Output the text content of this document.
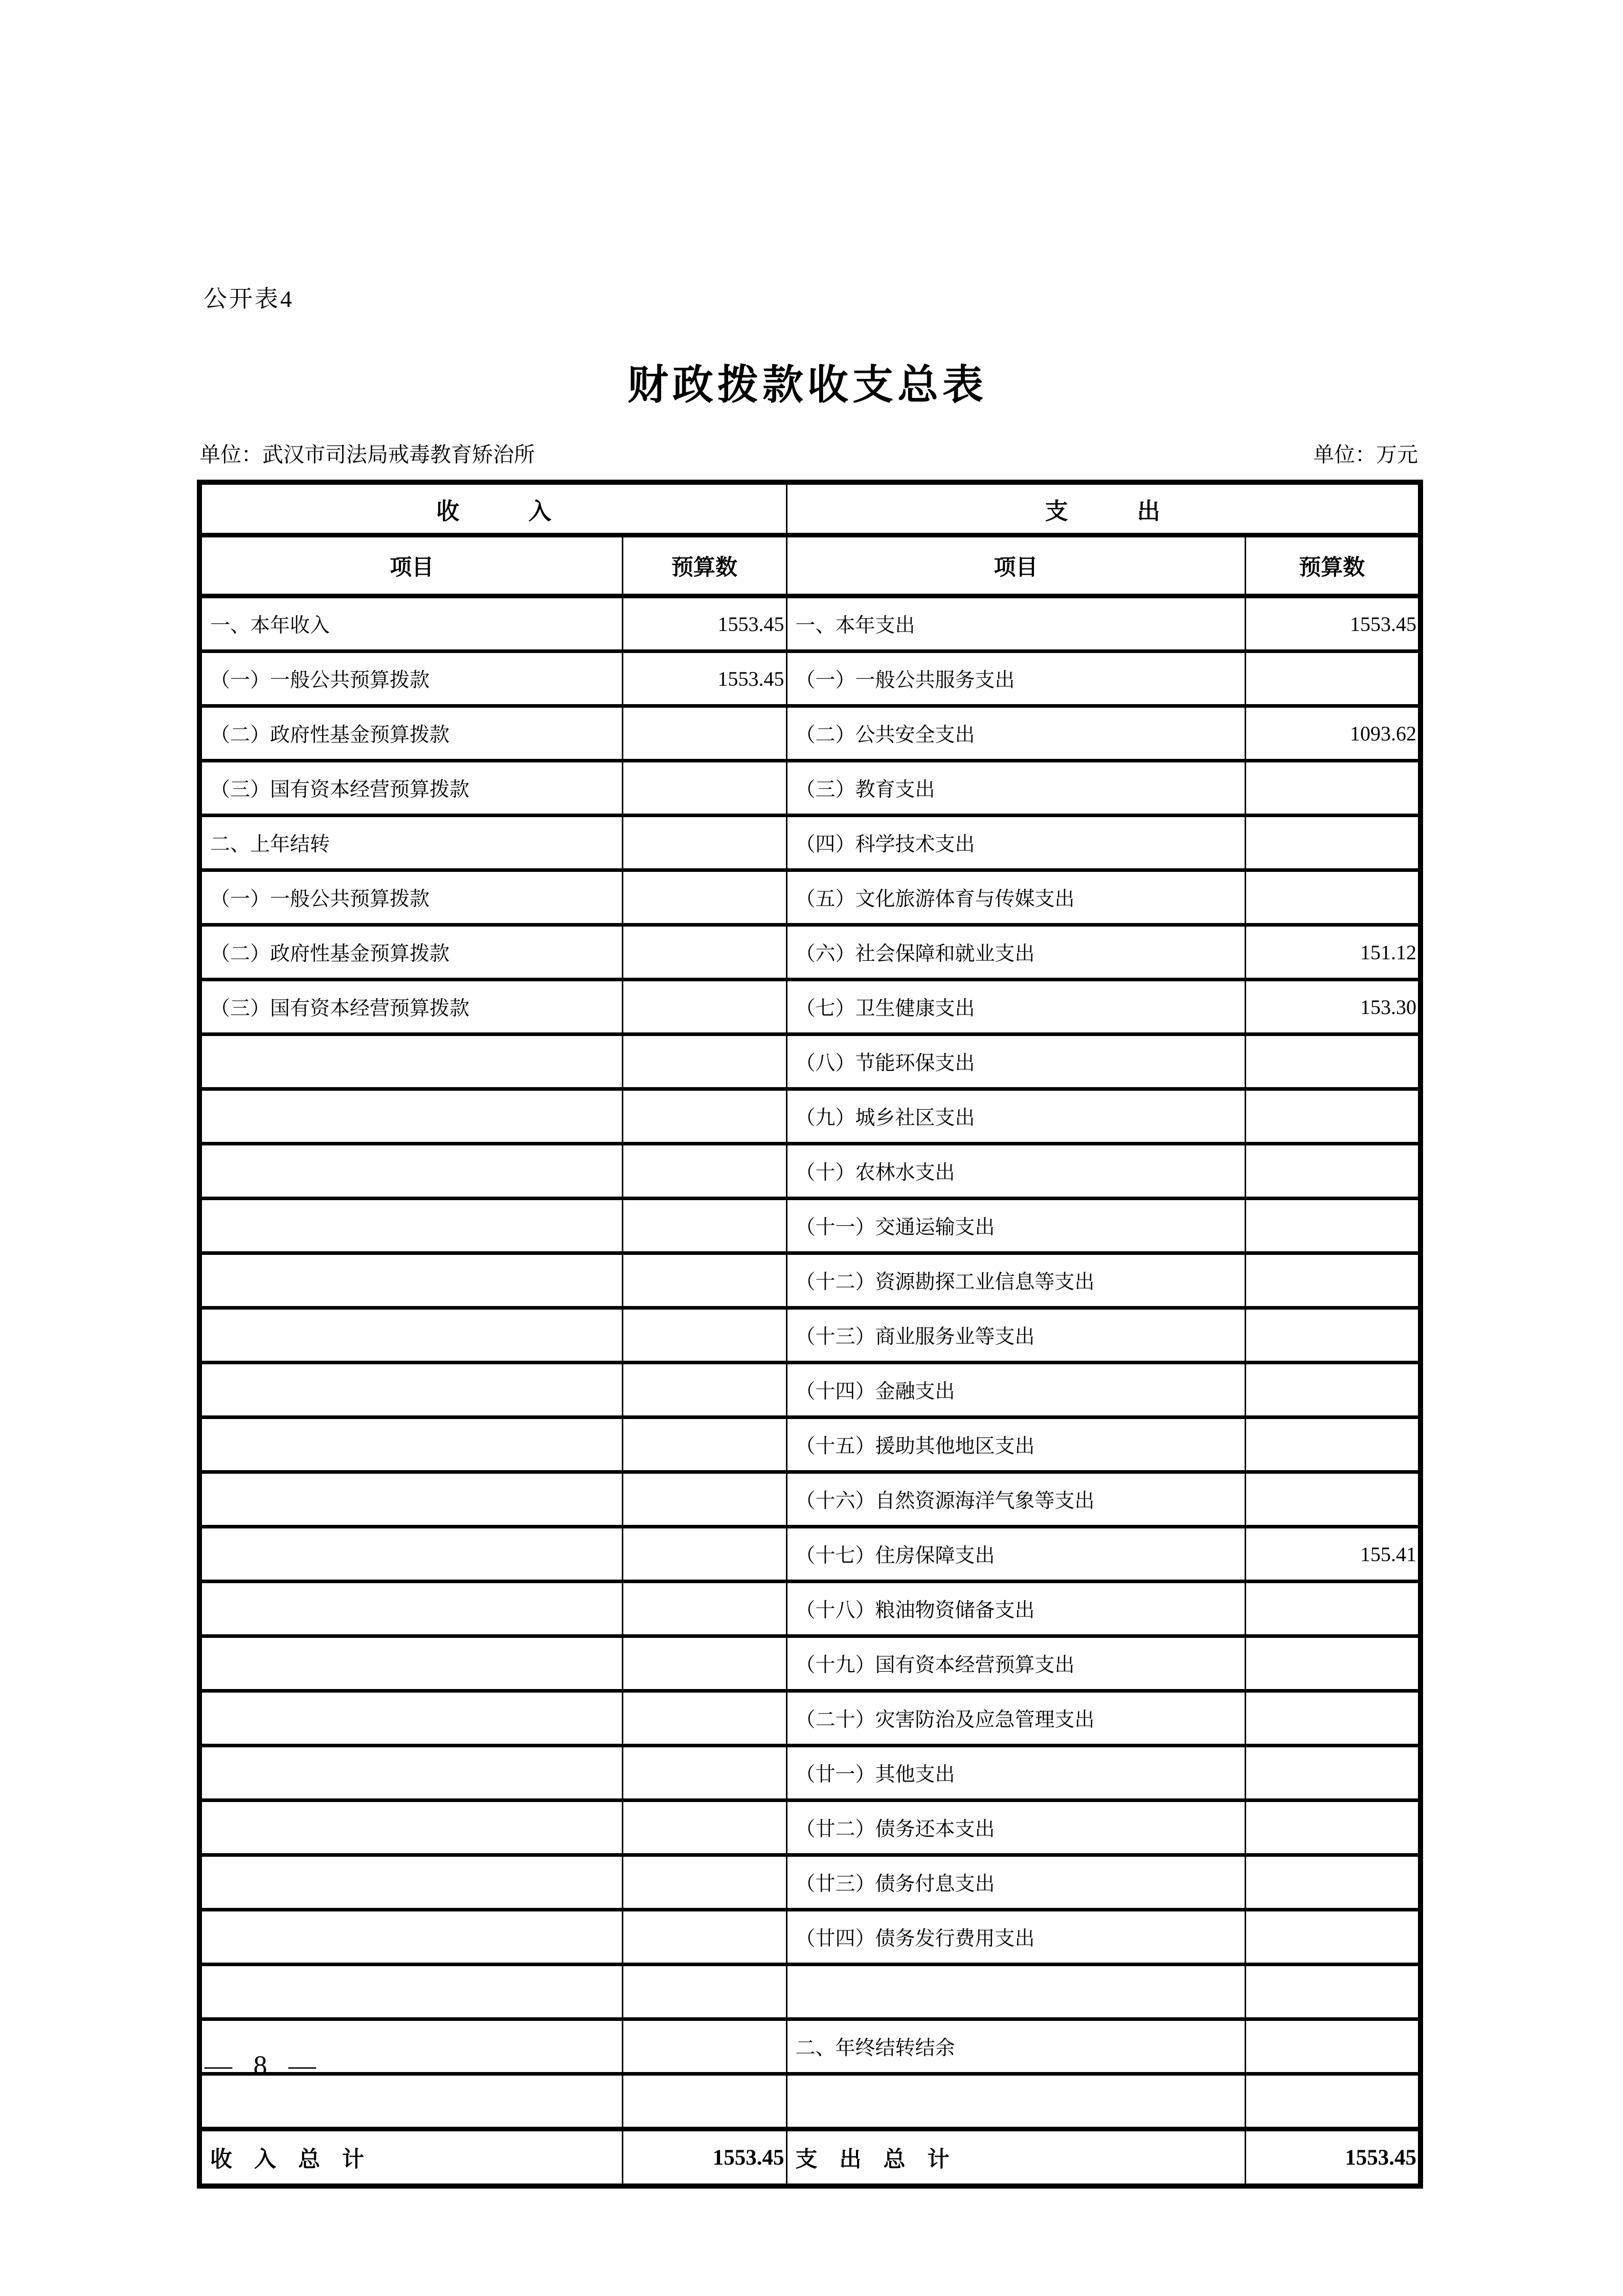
公开表4
财政拨款收支总表
单位：武汉市司法局戒毒教育矫治所	单位：万元
收　　　入		支　　　出	
项目	预算数	项目	预算数
一、本年收入	1553.45	一、本年支出	1553.45
（一）一般公共预算拨款	1553.45	（一）一般公共服务支出	
（二）政府性基金预算拨款		（二）公共安全支出	1093.62
（三）国有资本经营预算拨款		（三）教育支出	
二、上年结转		（四）科学技术支出	
（一）一般公共预算拨款		（五）文化旅游体育与传媒支出	
（二）政府性基金预算拨款		（六）社会保障和就业支出	151.12
（三）国有资本经营预算拨款		（七）卫生健康支出	153.30
		（八）节能环保支出	
		（九）城乡社区支出	
		（十）农林水支出	
		（十一）交通运输支出	
		（十二）资源勘探工业信息等支出	
		（十三）商业服务业等支出	
		（十四）金融支出	
		（十五）援助其他地区支出	
		（十六）自然资源海洋气象等支出	
		（十七）住房保障支出	155.41
		（十八）粮油物资储备支出	
		（十九）国有资本经营预算支出	
		（二十）灾害防治及应急管理支出	
		（廿一）其他支出	
		（廿二）债务还本支出	
		（廿三）债务付息支出	
		（廿四）债务发行费用支出	

		二、年终结转结余	

收　入　总　计	1553.45	支　出　总　计	1553.45
— 8 —
